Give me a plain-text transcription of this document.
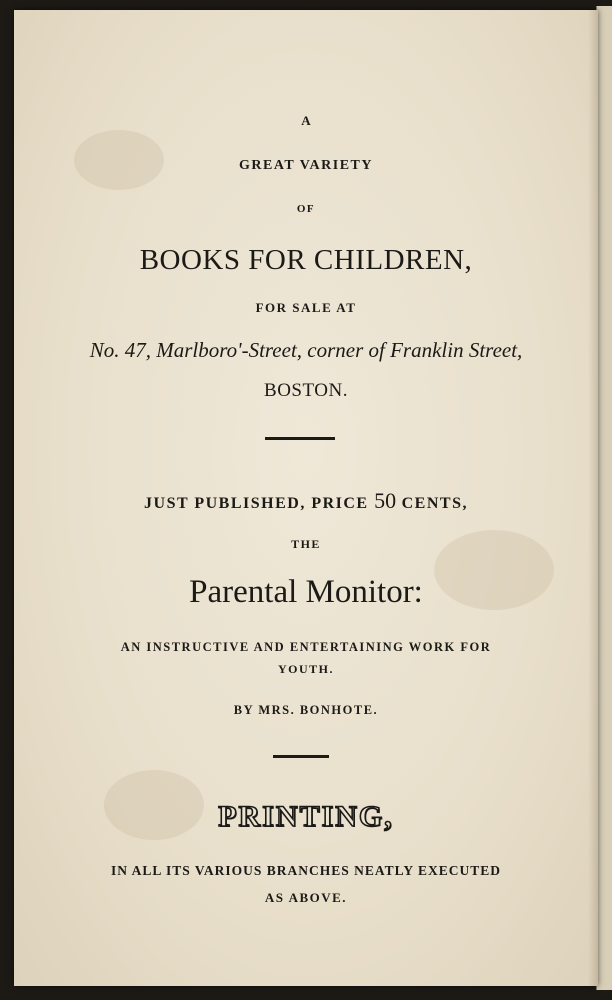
A

GREAT VARIETY

OF

BOOKS FOR CHILDREN,

FOR SALE AT

No. 47, Marlboro'-Street, corner of Franklin Street,

BOSTON.

JUST PUBLISHED, PRICE 50 CENTS,

THE

Parental Monitor:

AN INSTRUCTIVE AND ENTERTAINING WORK FOR

YOUTH.

BY MRS. BONHOTE.

PRINTING,

IN ALL ITS VARIOUS BRANCHES NEATLY EXECUTED

AS ABOVE.
